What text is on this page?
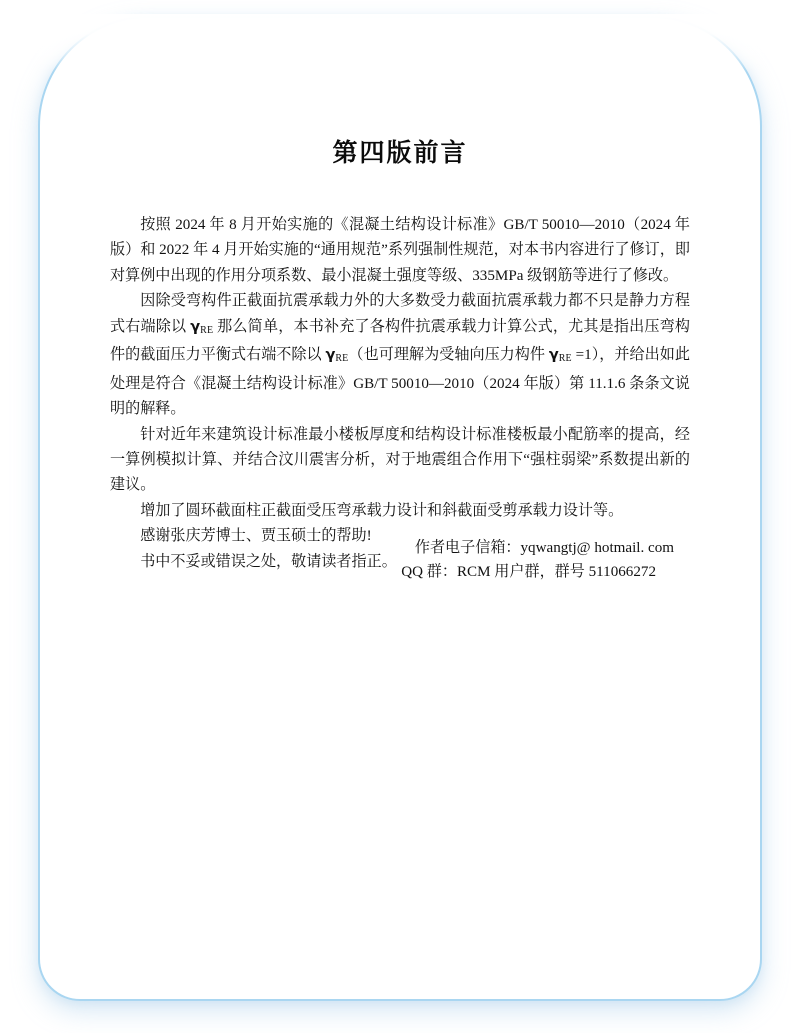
第四版前言

按照 2024 年 8 月开始实施的《混凝土结构设计标准》GB/T 50010—2010（2024 年版）和 2022 年 4 月开始实施的“通用规范”系列强制性规范，对本书内容进行了修订，即对算例中出现的作用分项系数、最小混凝土强度等级、335MPa 级钢筋等进行了修改。

因除受弯构件正截面抗震承载力外的大多数受力截面抗震承载力都不只是静力方程式右端除以 $\gamma_{RE}$ 那么简单，本书补充了各构件抗震承载力计算公式，尤其是指出压弯构件的截面压力平衡式右端不除以 $\gamma_{RE}$（也可理解为受轴向压力构件 $\gamma_{RE} =1$），并给出如此处理是符合《混凝土结构设计标准》GB/T 50010—2010（2024 年版）第 11.1.6 条条文说明的解释。

针对近年来建筑设计标准最小楼板厚度和结构设计标准楼板最小配筋率的提高，经一算例模拟计算、并结合汶川震害分析，对于地震组合作用下“强柱弱梁”系数提出新的建议。

增加了圆环截面柱正截面受压弯承载力设计和斜截面受剪承载力设计等。

感谢张庆芳博士、贾玉硕士的帮助!

书中不妥或错误之处，敬请读者指正。

作者电子信箱：yqwangtj@ hotmail. com
QQ 群：RCM 用户群，群号 511066272
